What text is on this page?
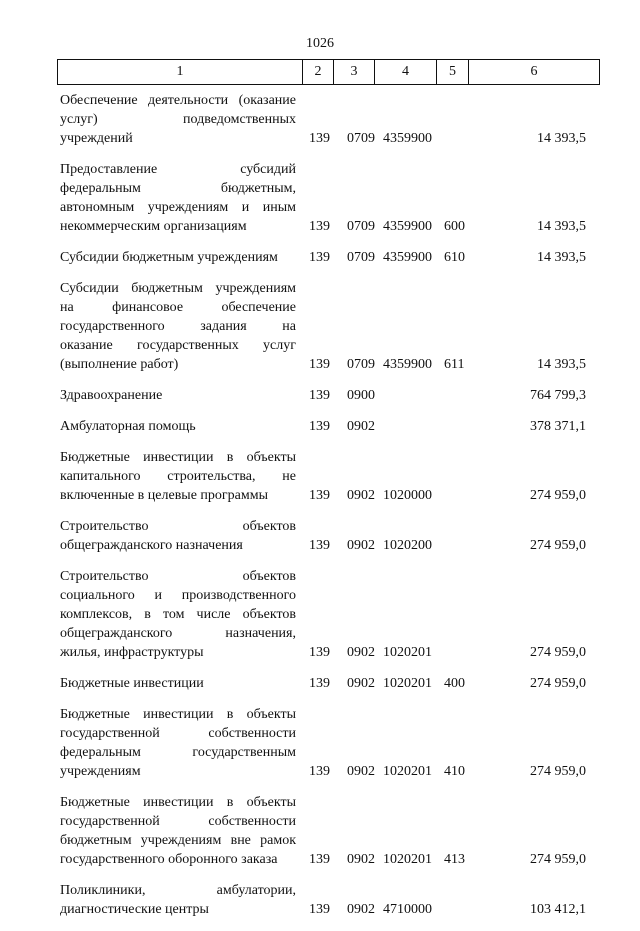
1026
1	2	3	4	5	6
Обеспечение деятельности (оказание
услуг) подведомственных
учреждений	139 0709 4359900	14 393,5
Предоставление субсидий
федеральным бюджетным,
автономным учреждениям и иным
некоммерческим организациям	139 0709 4359900 600	14 393,5
Субсидии бюджетным учреждениям	139 0709 4359900 610	14 393,5
Субсидии бюджетным учреждениям
на финансовое обеспечение
государственного задания на
оказание государственных услуг
(выполнение работ)	139 0709 4359900 611	14 393,5
Здравоохранение	139 0900	764 799,3
Амбулаторная помощь	139 0902	378 371,1
Бюджетные инвестиции в объекты
капитального строительства, не
включенные в целевые программы	139 0902 1020000	274 959,0
Строительство объектов
общегражданского назначения	139 0902 1020200	274 959,0
Строительство объектов
социального и производственного
комплексов, в том числе объектов
общегражданского назначения,
жилья, инфраструктуры	139 0902 1020201	274 959,0
Бюджетные инвестиции	139 0902 1020201 400	274 959,0
Бюджетные инвестиции в объекты
государственной собственности
федеральным государственным
учреждениям	139 0902 1020201 410	274 959,0
Бюджетные инвестиции в объекты
государственной собственности
бюджетным учреждениям вне рамок
государственного оборонного заказа	139 0902 1020201 413	274 959,0
Поликлиники, амбулатории,
диагностические центры	139 0902 4710000	103 412,1
